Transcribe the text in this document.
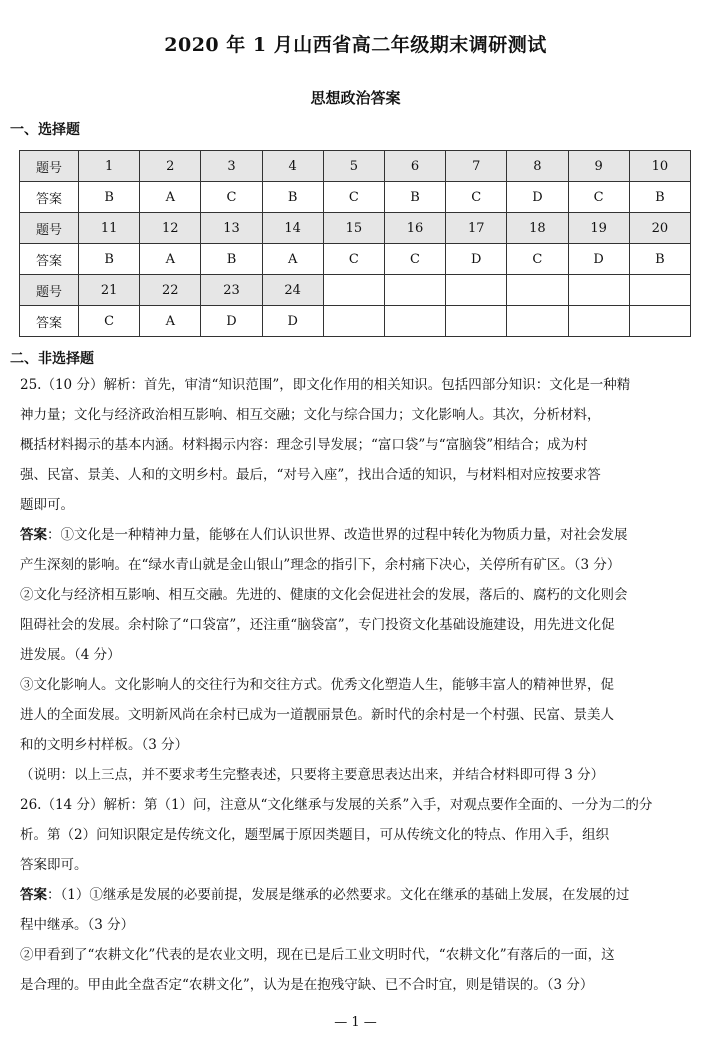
2020 年 1 月山西省高二年级期末调研测试
思想政治答案
一、选择题
题号	1	2	3	4	5	6	7	8	9	10
答案	B	A	C	B	C	B	C	D	C	B
题号	11	12	13	14	15	16	17	18	19	20
答案	B	A	B	A	C	C	D	C	D	B
题号	21	22	23	24						
答案	C	A	D	D						
二、非选择题
25.（10 分）解析：首先，审清“知识范围”，即文化作用的相关知识。包括四部分知识：文化是一种精
神力量；文化与经济政治相互影响、相互交融；文化与综合国力；文化影响人。其次，分析材料，
概括材料揭示的基本内涵。材料揭示内容：理念引导发展；“富口袋”与“富脑袋”相结合；成为村
强、民富、景美、人和的文明乡村。最后，“对号入座”，找出合适的知识，与材料相对应按要求答
题即可。
答案：①文化是一种精神力量，能够在人们认识世界、改造世界的过程中转化为物质力量，对社会发展
产生深刻的影响。在“绿水青山就是金山银山”理念的指引下，余村痛下决心，关停所有矿区。（3 分）
②文化与经济相互影响、相互交融。先进的、健康的文化会促进社会的发展，落后的、腐朽的文化则会
阻碍社会的发展。余村除了“口袋富”，还注重“脑袋富”，专门投资文化基础设施建设，用先进文化促
进发展。（4 分）
③文化影响人。文化影响人的交往行为和交往方式。优秀文化塑造人生，能够丰富人的精神世界，促
进人的全面发展。文明新风尚在余村已成为一道靓丽景色。新时代的余村是一个村强、民富、景美人
和的文明乡村样板。（3 分）
（说明：以上三点，并不要求考生完整表述，只要将主要意思表达出来，并结合材料即可得 3 分）
26.（14 分）解析：第（1）问，注意从“文化继承与发展的关系”入手，对观点要作全面的、一分为二的分
析。第（2）问知识限定是传统文化，题型属于原因类题目，可从传统文化的特点、作用入手，组织
答案即可。
答案：（1）①继承是发展的必要前提，发展是继承的必然要求。文化在继承的基础上发展，在发展的过
程中继承。（3 分）
②甲看到了“农耕文化”代表的是农业文明，现在已是后工业文明时代，“农耕文化”有落后的一面，这
是合理的。甲由此全盘否定“农耕文化”，认为是在抱残守缺、已不合时宜，则是错误的。（3 分）
— 1 —
